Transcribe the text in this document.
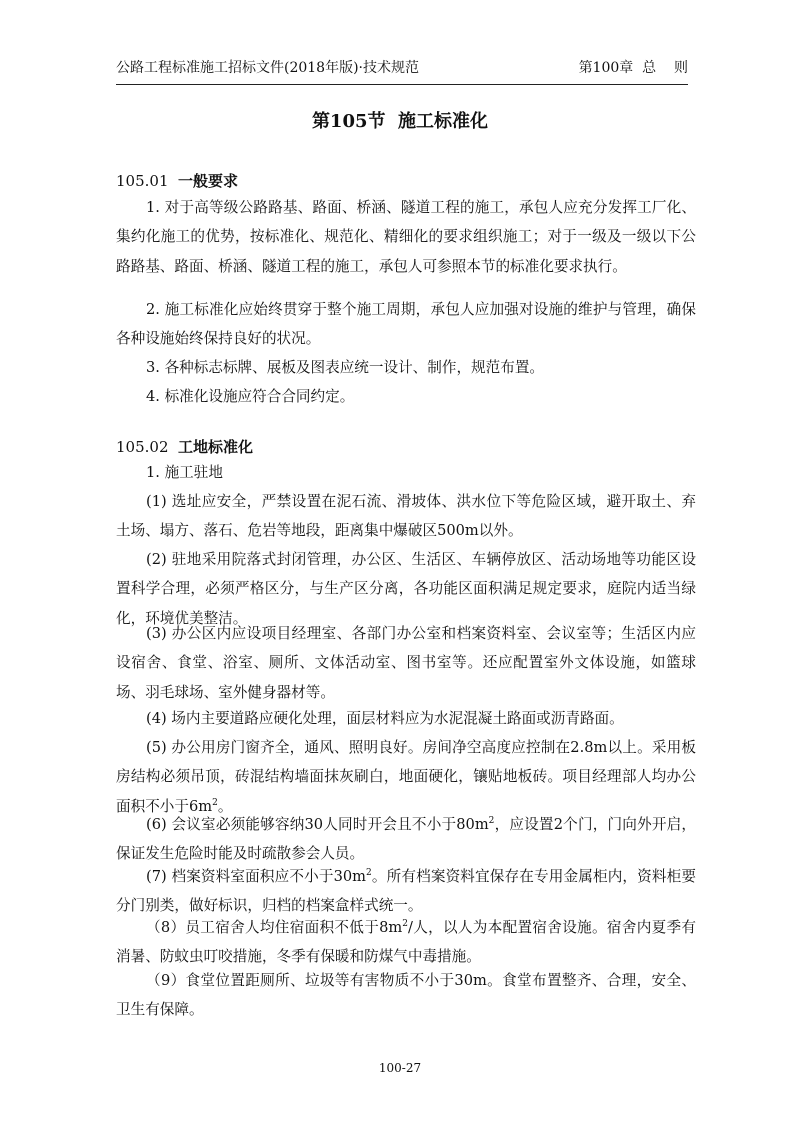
公路工程标准施工招标文件(2018年版)·技术规范	第100章  总    则
第105节  施工标准化
105.01 一般要求
1. 对于高等级公路路基、路面、桥涵、隧道工程的施工，承包人应充分发挥工厂化、集约化施工的优势，按标准化、规范化、精细化的要求组织施工；对于一级及一级以下公路路基、路面、桥涵、隧道工程的施工，承包人可参照本节的标准化要求执行。
2. 施工标准化应始终贯穿于整个施工周期，承包人应加强对设施的维护与管理，确保各种设施始终保持良好的状况。
3. 各种标志标牌、展板及图表应统一设计、制作，规范布置。
4. 标准化设施应符合合同约定。
105.02 工地标准化
1. 施工驻地
(1) 选址应安全，严禁设置在泥石流、滑坡体、洪水位下等危险区域，避开取土、弃土场、塌方、落石、危岩等地段，距离集中爆破区500m以外。
(2) 驻地采用院落式封闭管理，办公区、生活区、车辆停放区、活动场地等功能区设置科学合理，必须严格区分，与生产区分离，各功能区面积满足规定要求，庭院内适当绿化，环境优美整洁。
(3) 办公区内应设项目经理室、各部门办公室和档案资料室、会议室等；生活区内应设宿舍、食堂、浴室、厕所、文体活动室、图书室等。还应配置室外文体设施，如篮球场、羽毛球场、室外健身器材等。
(4) 场内主要道路应硬化处理，面层材料应为水泥混凝土路面或沥青路面。
(5) 办公用房门窗齐全，通风、照明良好。房间净空高度应控制在2.8m以上。采用板房结构必须吊顶，砖混结构墙面抹灰刷白，地面硬化，镶贴地板砖。项目经理部人均办公面积不小于$6m^2$。
(6) 会议室必须能够容纳30人同时开会且不小于$80m^2$，应设置2个门，门向外开启，保证发生危险时能及时疏散参会人员。
(7) 档案资料室面积应不小于$30m^2$。所有档案资料宜保存在专用金属柜内，资料柜要分门别类，做好标识，归档的档案盒样式统一。
（8）员工宿舍人均住宿面积不低于$8m^2/$人，以人为本配置宿舍设施。宿舍内夏季有消暑、防蚊虫叮咬措施，冬季有保暖和防煤气中毒措施。
（9）食堂位置距厕所、垃圾等有害物质不小于30m。食堂布置整齐、合理，安全、卫生有保障。
100-27
